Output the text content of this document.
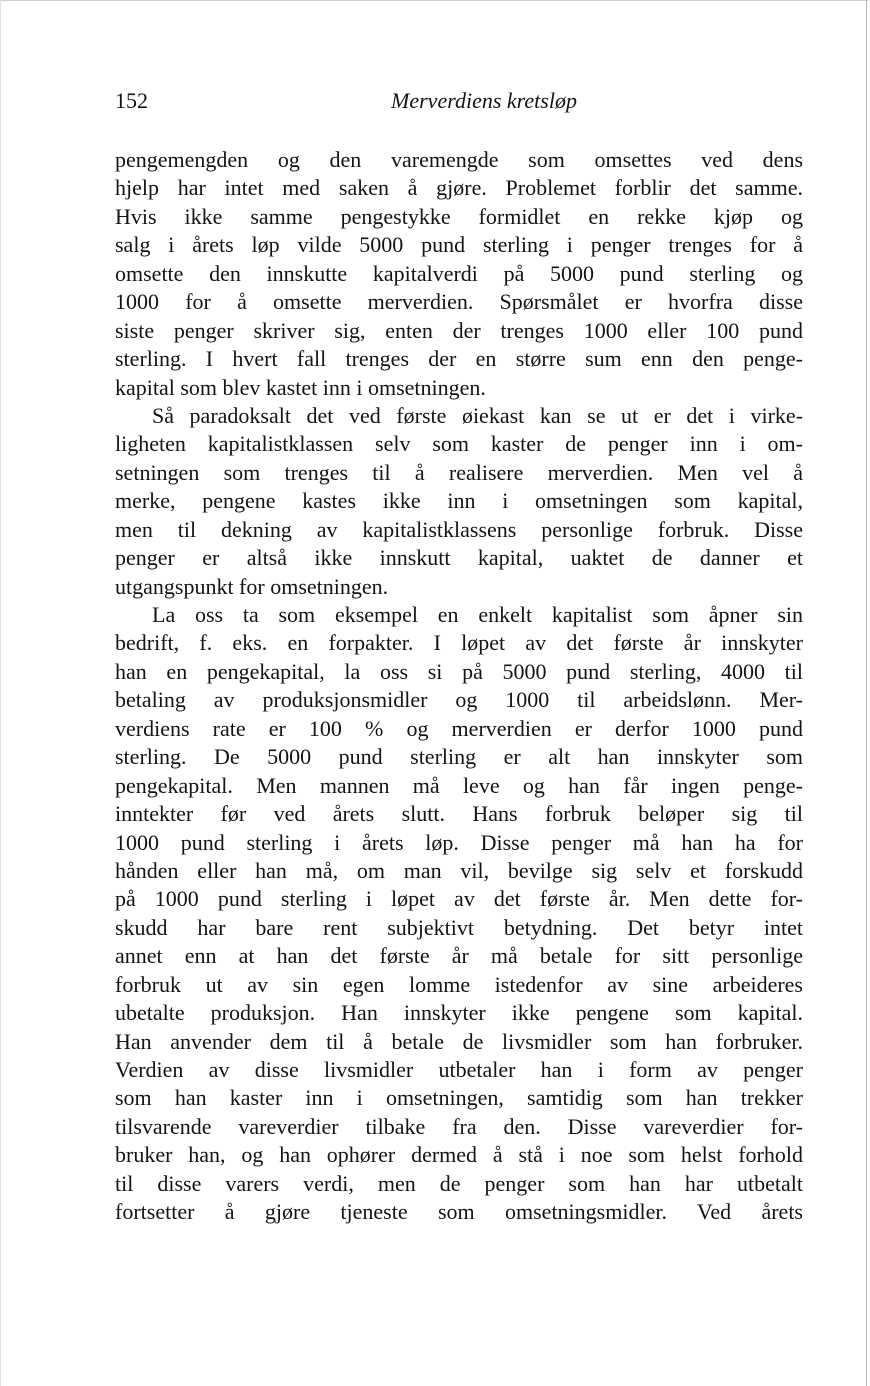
152	Merverdiens kretsløp
pengemengden og den varemengde som omsettes ved dens
hjelp har intet med saken å gjøre. Problemet forblir det samme.
Hvis ikke samme pengestykke formidlet en rekke kjøp og
salg i årets løp vilde 5000 pund sterling i penger trenges for å
omsette den innskutte kapitalverdi på 5000 pund sterling og
1000 for å omsette merverdien. Spørsmålet er hvorfra disse
siste penger skriver sig, enten der trenges 1000 eller 100 pund
sterling. I hvert fall trenges der en større sum enn den penge-
kapital som blev kastet inn i omsetningen.
Så paradoksalt det ved første øiekast kan se ut er det i virke-
ligheten kapitalistklassen selv som kaster de penger inn i om-
setningen som trenges til å realisere merverdien. Men vel å
merke, pengene kastes ikke inn i omsetningen som kapital,
men til dekning av kapitalistklassens personlige forbruk. Disse
penger er altså ikke innskutt kapital, uaktet de danner et
utgangspunkt for omsetningen.
La oss ta som eksempel en enkelt kapitalist som åpner sin
bedrift, f. eks. en forpakter. I løpet av det første år innskyter
han en pengekapital, la oss si på 5000 pund sterling, 4000 til
betaling av produksjonsmidler og 1000 til arbeidslønn. Mer-
verdiens rate er 100 % og merverdien er derfor 1000 pund
sterling. De 5000 pund sterling er alt han innskyter som
pengekapital. Men mannen må leve og han får ingen penge-
inntekter før ved årets slutt. Hans forbruk beløper sig til
1000 pund sterling i årets løp. Disse penger må han ha for
hånden eller han må, om man vil, bevilge sig selv et forskudd
på 1000 pund sterling i løpet av det første år. Men dette for-
skudd har bare rent subjektivt betydning. Det betyr intet
annet enn at han det første år må betale for sitt personlige
forbruk ut av sin egen lomme istedenfor av sine arbeideres
ubetalte produksjon. Han innskyter ikke pengene som kapital.
Han anvender dem til å betale de livsmidler som han forbruker.
Verdien av disse livsmidler utbetaler han i form av penger
som han kaster inn i omsetningen, samtidig som han trekker
tilsvarende vareverdier tilbake fra den. Disse vareverdier for-
bruker han, og han ophører dermed å stå i noe som helst forhold
til disse varers verdi, men de penger som han har utbetalt
fortsetter å gjøre tjeneste som omsetningsmidler. Ved årets
